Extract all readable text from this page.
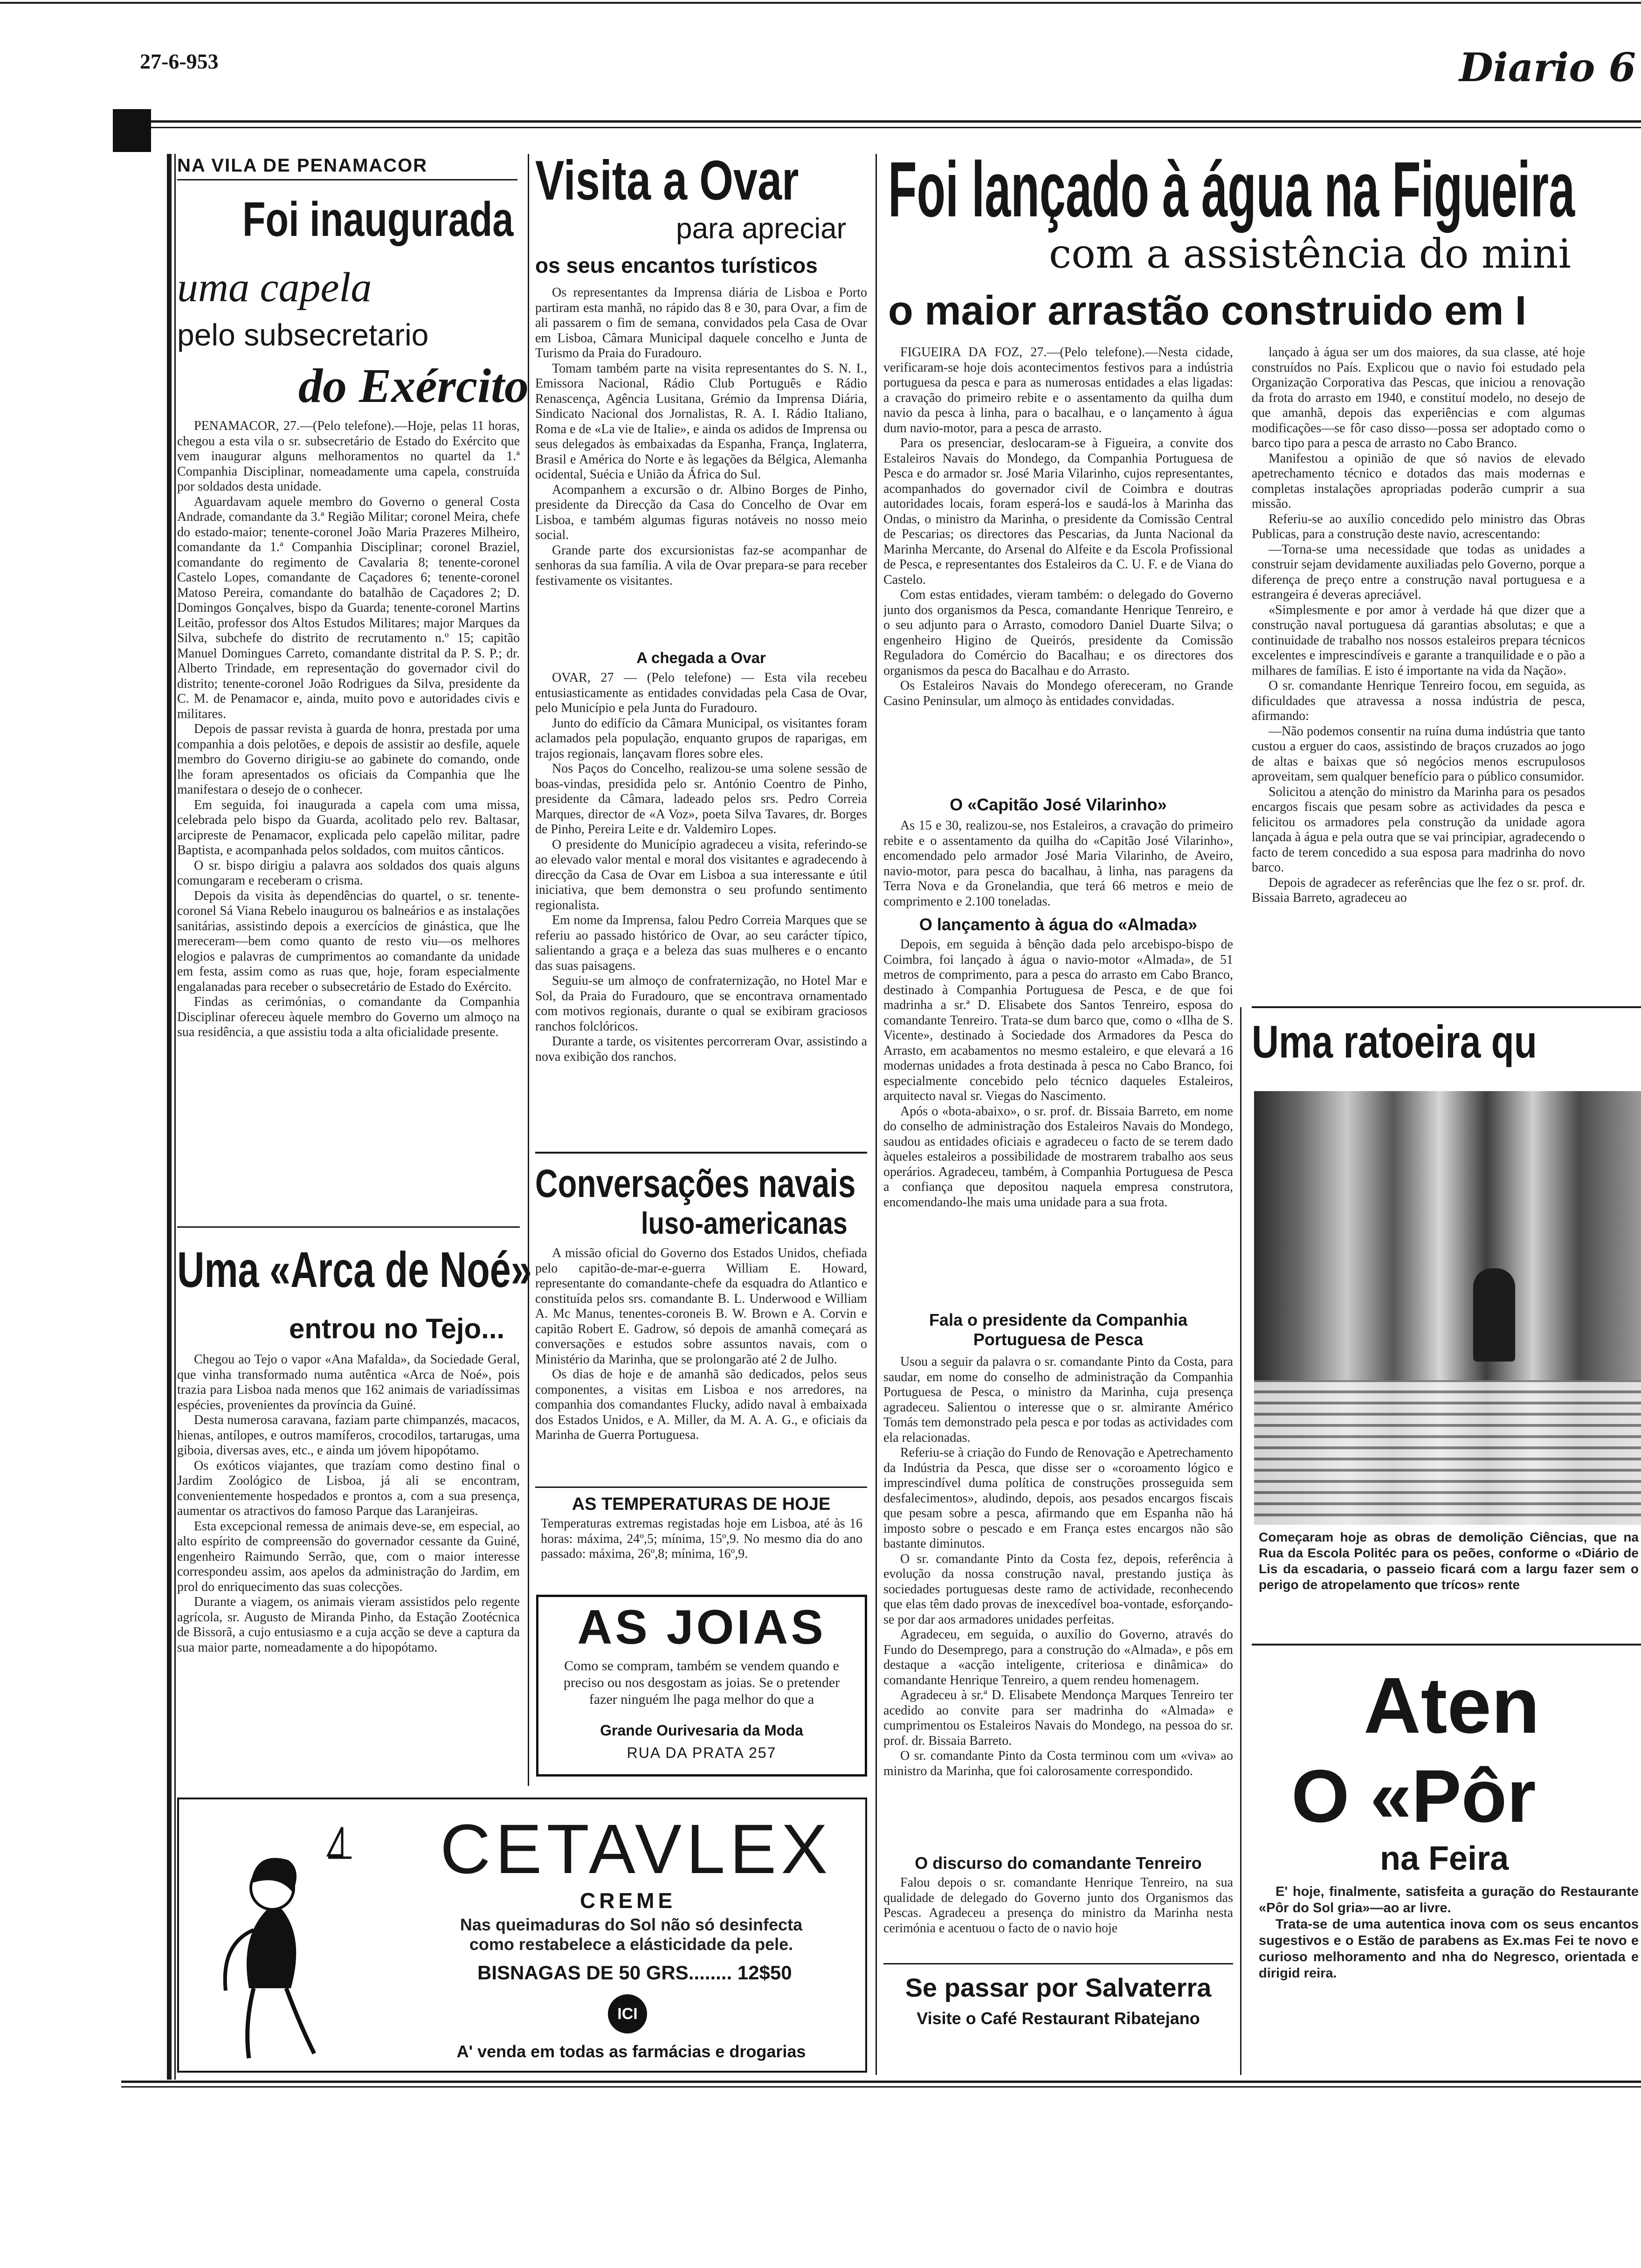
27-6-953	Diario 6
NA VILA DE PENAMACOR
Foi inaugurada
uma capela
pelo subsecretario
do Exército

PENAMACOR, 27.—(Pelo telefone).—Hoje, pelas 11 horas, chegou a esta vila o sr. subsecretário de Estado do Exército que vem inaugurar alguns melhoramentos no quartel da 1.ª Companhia Disciplinar, nomeadamente uma capela, construída por soldados desta unidade.

Aguardavam aquele membro do Governo o general Costa Andrade, comandante da 3.ª Região Militar; coronel Meira, chefe do estado-maior; tenente-coronel João Maria Prazeres Milheiro, comandante da 1.ª Companhia Disciplinar; coronel Braziel, comandante do regimento de Cavalaria 8; tenente-coronel Castelo Lopes, comandante de Caçadores 6; tenente-coronel Matoso Pereira, comandante do batalhão de Caçadores 2; D. Domingos Gonçalves, bispo da Guarda; tenente-coronel Martins Leitão, professor dos Altos Estudos Militares; major Marques da Silva, subchefe do distrito de recrutamento n.º 15; capitão Manuel Domingues Carreto, comandante distrital da P. S. P.; dr. Alberto Trindade, em representação do governador civil do distrito; tenente-coronel João Rodrigues da Silva, presidente da C. M. de Penamacor e, ainda, muito povo e autoridades civis e militares.

Depois de passar revista à guarda de honra, prestada por uma companhia a dois pelotões, e depois de assistir ao desfile, aquele membro do Governo dirigiu-se ao gabinete do comando, onde lhe foram apresentados os oficiais da Companhia que lhe manifestara o desejo de o conhecer.

Em seguida, foi inaugurada a capela com uma missa, celebrada pelo bispo da Guarda, acolitado pelo rev. Baltasar, arcipreste de Penamacor, explicada pelo capelão militar, padre Baptista, e acompanhada pelos soldados, com muitos cânticos.

O sr. bispo dirigiu a palavra aos soldados dos quais alguns comungaram e receberam o crisma.

Depois da visita às dependências do quartel, o sr. tenente-coronel Sá Viana Rebelo inaugurou os balneários e as instalações sanitárias, assistindo depois a exercícios de ginástica, que lhe mereceram—bem como quanto de resto viu—os melhores elogios e palavras de cumprimentos ao comandante da unidade em festa, assim como as ruas que, hoje, foram especialmente engalanadas para receber o subsecretário de Estado do Exército.

Findas as cerimónias, o comandante da Companhia Disciplinar ofereceu àquele membro do Governo um almoço na sua residência, a que assistiu toda a alta oficialidade presente.

Uma «Arca de Noé»
entrou no Tejo...

Chegou ao Tejo o vapor «Ana Mafalda», da Sociedade Geral, que vinha transformado numa autêntica «Arca de Noé», pois trazia para Lisboa nada menos que 162 animais de variadíssimas espécies, provenientes da província da Guiné.

Desta numerosa caravana, faziam parte chimpanzés, macacos, hienas, antílopes, e outros mamíferos, crocodilos, tartarugas, uma giboia, diversas aves, etc., e ainda um jóvem hipopótamo.

Os exóticos viajantes, que trazíam como destino final o Jardim Zoológico de Lisboa, já ali se encontram, convenientemente hospedados e prontos a, com a sua presença, aumentar os atractivos do famoso Parque das Laranjeiras.

Esta excepcional remessa de animais deve-se, em especial, ao alto espírito de compreensão do governador cessante da Guiné, engenheiro Raimundo Serrão, que, com o maior interesse correspondeu assim, aos apelos da administração do Jardim, em prol do enriquecimento das suas colecções.

Durante a viagem, os animais vieram assistidos pelo regente agrícola, sr. Augusto de Miranda Pinho, da Estação Zootécnica de Bissorã, a cujo entusiasmo e a cuja acção se deve a captura da sua maior parte, nomeadamente a do hipopótamo.

Visita a Ovar
para apreciar
os seus encantos turísticos

Os representantes da Imprensa diária de Lisboa e Porto partiram esta manhã, no rápido das 8 e 30, para Ovar, a fim de ali passarem o fim de semana, convidados pela Casa de Ovar em Lisboa, Câmara Municipal daquele concelho e Junta de Turismo da Praia do Furadouro.

Tomam também parte na visita representantes do S. N. I., Emissora Nacional, Rádio Club Português e Rádio Renascença, Agência Lusitana, Grémio da Imprensa Diária, Sindicato Nacional dos Jornalistas, R. A. I. Rádio Italiano, Roma e de «La vie de Italie», e ainda os adidos de Imprensa ou seus delegados às embaixadas da Espanha, França, Inglaterra, Brasil e América do Norte e às legações da Bélgica, Alemanha ocidental, Suécia e União da África do Sul.

Acompanhem a excursão o dr. Albino Borges de Pinho, presidente da Direcção da Casa do Concelho de Ovar em Lisboa, e também algumas figuras notáveis no nosso meio social.

Grande parte dos excursionistas faz-se acompanhar de senhoras da sua família. A vila de Ovar prepara-se para receber festivamente os visitantes.

A chegada a Ovar

OVAR, 27 — (Pelo telefone) — Esta vila recebeu entusiasticamente as entidades convidadas pela Casa de Ovar, pelo Município e pela Junta do Furadouro.

Junto do edifício da Câmara Municipal, os visitantes foram aclamados pela população, enquanto grupos de raparigas, em trajos regionais, lançavam flores sobre eles.

Nos Paços do Concelho, realizou-se uma solene sessão de boas-vindas, presidida pelo sr. António Coentro de Pinho, presidente da Câmara, ladeado pelos srs. Pedro Correia Marques, director de «A Voz», poeta Silva Tavares, dr. Borges de Pinho, Pereira Leite e dr. Valdemiro Lopes.

O presidente do Município agradeceu a visita, referindo-se ao elevado valor mental e moral dos visitantes e agradecendo à direcção da Casa de Ovar em Lisboa a sua interessante e útil iniciativa, que bem demonstra o seu profundo sentimento regionalista.

Em nome da Imprensa, falou Pedro Correia Marques que se referiu ao passado histórico de Ovar, ao seu carácter típico, salientando a graça e a beleza das suas mulheres e o encanto das suas paisagens.

Seguiu-se um almoço de confraternização, no Hotel Mar e Sol, da Praia do Furadouro, que se encontrava ornamentado com motivos regionais, durante o qual se exibiram graciosos ranchos folclóricos.

Durante a tarde, os visitentes percorreram Ovar, assistindo a nova exibição dos ranchos.

Conversações navais
luso-americanas

A missão oficial do Governo dos Estados Unidos, chefiada pelo capitão-de-mar-e-guerra William E. Howard, representante do comandante-chefe da esquadra do Atlantico e constituída pelos srs. comandante B. L. Underwood e William A. Mc Manus, tenentes-coroneis B. W. Brown e A. Corvin e capitão Robert E. Gadrow, só depois de amanhã começará as conversações e estudos sobre assuntos navais, com o Ministério da Marinha, que se prolongarão até 2 de Julho.

Os dias de hoje e de amanhã são dedicados, pelos seus componentes, a visitas em Lisboa e nos arredores, na companhia dos comandantes Flucky, adido naval à embaixada dos Estados Unidos, e A. Miller, da M. A. A. G., e oficiais da Marinha de Guerra Portuguesa.

AS TEMPERATURAS DE HOJE
Temperaturas extremas registadas hoje em Lisboa, até às 16 horas: máxima, 24º,5; mínima, 15º,9. No mesmo dia do ano passado: máxima, 26º,8; mínima, 16º,9.
AS JOIAS
Como se compram, também se vendem quando e preciso ou nos desgostam as joias. Se o pretender fazer ninguém lhe paga melhor do que a
Grande Ourivesaria da Moda
RUA DA PRATA 257
Foi lançado à água na Figueira
com a assistência do mini
o maior arrastão construido em I

FIGUEIRA DA FOZ, 27.—(Pelo telefone).—Nesta cidade, verificaram-se hoje dois acontecimentos festivos para a indústria portuguesa da pesca e para as numerosas entidades a elas ligadas: a cravação do primeiro rebite e o assentamento da quilha dum navio da pesca à linha, para o bacalhau, e o lançamento à água dum navio-motor, para a pesca de arrasto.

Para os presenciar, deslocaram-se à Figueira, a convite dos Estaleiros Navais do Mondego, da Companhia Portuguesa de Pesca e do armador sr. José Maria Vilarinho, cujos representantes, acompanhados do governador civil de Coimbra e doutras autoridades locais, foram esperá-los e saudá-los à Marinha das Ondas, o ministro da Marinha, o presidente da Comissão Central de Pescarias; os directores das Pescarias, da Junta Nacional da Marinha Mercante, do Arsenal do Alfeite e da Escola Profissional de Pesca, e representantes dos Estaleiros da C. U. F. e de Viana do Castelo.

Com estas entidades, vieram também: o delegado do Governo junto dos organismos da Pesca, comandante Henrique Tenreiro, e o seu adjunto para o Arrasto, comodoro Daniel Duarte Silva; o engenheiro Higino de Queirós, presidente da Comissão Reguladora do Comércio do Bacalhau; e os directores dos organismos da pesca do Bacalhau e do Arrasto.

Os Estaleiros Navais do Mondego ofereceram, no Grande Casino Peninsular, um almoço às entidades convidadas.

O «Capitão José Vilarinho»

As 15 e 30, realizou-se, nos Estaleiros, a cravação do primeiro rebite e o assentamento da quilha do «Capitão José Vilarinho», encomendado pelo armador José Maria Vilarinho, de Aveiro, navio-motor, para pesca do bacalhau, à linha, nas paragens da Terra Nova e da Gronelandia, que terá 66 metros e meio de comprimento e 2.100 toneladas.

O lançamento à água do «Almada»

Depois, em seguida à bênção dada pelo arcebispo-bispo de Coimbra, foi lançado à água o navio-motor «Almada», de 51 metros de comprimento, para a pesca do arrasto em Cabo Branco, destinado à Companhia Portuguesa de Pesca, e de que foi madrinha a sr.ª D. Elisabete dos Santos Tenreiro, esposa do comandante Tenreiro. Trata-se dum barco que, como o «Ilha de S. Vicente», destinado à Sociedade dos Armadores da Pesca do Arrasto, em acabamentos no mesmo estaleiro, e que elevará a 16 modernas unidades a frota destinada à pesca no Cabo Branco, foi especialmente concebido pelo técnico daqueles Estaleiros, arquitecto naval sr. Viegas do Nascimento.

Após o «bota-abaixo», o sr. prof. dr. Bissaia Barreto, em nome do conselho de administração dos Estaleiros Navais do Mondego, saudou as entidades oficiais e agradeceu o facto de se terem dado àqueles estaleiros a possibilidade de mostrarem trabalho aos seus operários. Agradeceu, também, à Companhia Portuguesa de Pesca a confiança que depositou naquela empresa construtora, encomendando-lhe mais uma unidade para a sua frota.

Fala o presidente da Companhia Portuguesa de Pesca

Usou a seguir da palavra o sr. comandante Pinto da Costa, para saudar, em nome do conselho de administração da Companhia Portuguesa de Pesca, o ministro da Marinha, cuja presença agradeceu. Salientou o interesse que o sr. almirante Américo Tomás tem demonstrado pela pesca e por todas as actividades com ela relacionadas.

Referiu-se à criação do Fundo de Renovação e Apetrechamento da Indústria da Pesca, que disse ser o «coroamento lógico e imprescindível duma política de construções prosseguida sem desfalecimentos», aludindo, depois, aos pesados encargos fiscais que pesam sobre a pesca, afirmando que em Espanha não há imposto sobre o pescado e em França estes encargos não são bastante diminutos.

O sr. comandante Pinto da Costa fez, depois, referência à evolução da nossa construção naval, prestando justiça às sociedades portuguesas deste ramo de actividade, reconhecendo que elas têm dado provas de inexcedível boa-vontade, esforçando-se por dar aos armadores unidades perfeitas.

Agradeceu, em seguida, o auxílio do Governo, através do Fundo do Desemprego, para a construção do «Almada», e pôs em destaque a «acção inteligente, criteriosa e dinâmica» do comandante Henrique Tenreiro, a quem rendeu homenagem.

Agradeceu à sr.ª D. Elisabete Mendonça Marques Tenreiro ter acedido ao convite para ser madrinha do «Almada» e cumprimentou os Estaleiros Navais do Mondego, na pessoa do sr. prof. dr. Bissaia Barreto.

O sr. comandante Pinto da Costa terminou com um «viva» ao ministro da Marinha, que foi calorosamente correspondido.

O discurso do comandante Tenreiro

Falou depois o sr. comandante Henrique Tenreiro, na sua qualidade de delegado do Governo junto dos Organismos das Pescas. Agradeceu a presença do ministro da Marinha nesta cerimónia e acentuou o facto de o navio hoje

lançado à água ser um dos maiores, da sua classe, até hoje construídos no País. Explicou que o navio foi estudado pela Organização Corporativa das Pescas, que iniciou a renovação da frota do arrasto em 1940, e constituí modelo, no desejo de que amanhã, depois das experiências e com algumas modificações—se fôr caso disso—possa ser adoptado como o barco tipo para a pesca de arrasto no Cabo Branco.

Manifestou a opinião de que só navios de elevado apetrechamento técnico e dotados das mais modernas e completas instalações apropriadas poderão cumprir a sua missão.

Referiu-se ao auxílio concedido pelo ministro das Obras Publicas, para a construção deste navio, acrescentando:

—Torna-se uma necessidade que todas as unidades a construir sejam devidamente auxiliadas pelo Governo, porque a diferença de preço entre a construção naval portuguesa e a estrangeira é deveras apreciável.

«Simplesmente e por amor à verdade há que dizer que a construção naval portuguesa dá garantias absolutas; e que a continuidade de trabalho nos nossos estaleiros prepara técnicos excelentes e imprescindíveis e garante a tranquilidade e o pão a milhares de famílias. E isto é importante na vida da Nação».

O sr. comandante Henrique Tenreiro focou, em seguida, as dificuldades que atravessa a nossa indústria de pesca, afirmando:

—Não podemos consentir na ruína duma indústria que tanto custou a erguer do caos, assistindo de braços cruzados ao jogo de altas e baixas que só negócios menos escrupulosos aproveitam, sem qualquer benefício para o público consumidor.

Solicitou a atenção do ministro da Marinha para os pesados encargos fiscais que pesam sobre as actividades da pesca e felicitou os armadores pela construção da unidade agora lançada à água e pela outra que se vai principiar, agradecendo o facto de terem concedido a sua esposa para madrinha do novo barco.

Depois de agradecer as referências que lhe fez o sr. prof. dr. Bissaia Barreto, agradeceu ao

Uma ratoeira qu
Começaram hoje as obras de demolição Ciências, que na Rua da Escola Politéc para os peões, conforme o «Diário de Lis da escadaria, o passeio ficará com a largu fazer sem o perigo de atropelamento que trícos» rente
Aten
O «Pôr
na Feira

E' hoje, finalmente, satisfeita a guração do Restaurante «Pôr do Sol gria»—ao ar livre.

Trata-se de uma autentica inova com os seus encantos sugestivos e o Estão de parabens as Ex.mas Fei te novo e curioso melhoramento and nha do Negresco, orientada e dirigid reira.

Se passar por Salvaterra
Visite o Café Restaurant Ribatejano
CETAVLEX
CREME
Nas queimaduras do Sol não só desinfecta como restabelece a elásticidade da pele.
BISNAGAS DE 50 GRS........ 12$50
ICI
A' venda em todas as farmácias e drogarias
